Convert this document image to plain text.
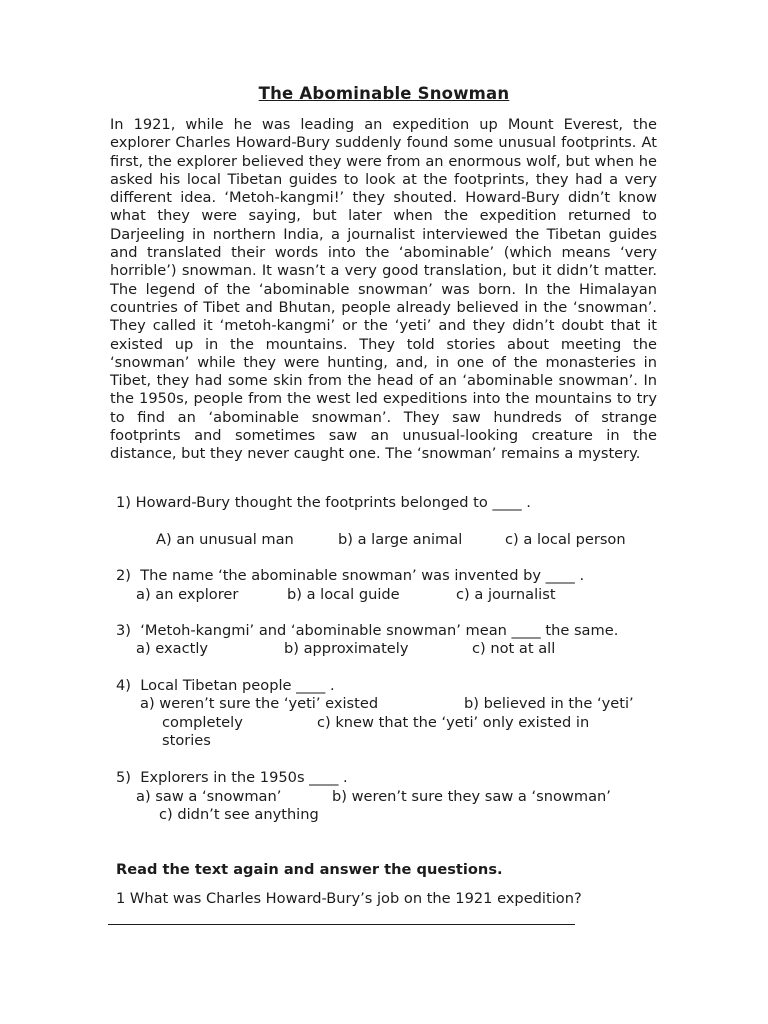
The Abominable Snowman

In 1921, while he was leading an expedition up Mount Everest, the explorer Charles Howard-Bury suddenly found some unusual footprints. At first, the explorer believed they were from an enormous wolf, but when he asked his local Tibetan guides to look at the footprints, they had a very different idea. ‘Metoh-kangmi!’ they shouted. Howard-Bury didn’t know what they were saying, but later when the expedition returned to Darjeeling in northern India, a journalist interviewed the Tibetan guides and translated their words into the ‘abominable’ (which means ‘very horrible’) snowman. It wasn’t a very good translation, but it didn’t matter. The legend of the ‘abominable snowman’ was born. In the Himalayan countries of Tibet and Bhutan, people already believed in the ‘snowman’. They called it ‘metoh-kangmi’ or the ‘yeti’ and they didn’t doubt that it existed up in the mountains. They told stories about meeting the ‘snowman’ while they were hunting, and, in one of the monasteries in Tibet, they had some skin from the head of an ‘abominable snowman’. In the 1950s, people from the west led expeditions into the mountains to try to find an ‘abominable snowman’. They saw hundreds of strange footprints and sometimes saw an unusual-looking creature in the distance, but they never caught one. The ‘snowman’ remains a mystery.

1) Howard-Bury thought the footprints belonged to ____ .
A) an unusual man	b) a large animal	c) a local person
2) The name ‘the abominable snowman’ was invented by ____ .
a) an explorer	b) a local guide	c) a journalist
3) ‘Metoh-kangmi’ and ‘abominable snowman’ mean ____ the same.
a) exactly	b) approximately	c) not at all
4) Local Tibetan people ____ .
a) weren’t sure the ‘yeti’ existed	b) believed in the ‘yeti’
completely	c) knew that the ‘yeti’ only existed in
stories
5) Explorers in the 1950s ____ .
a) saw a ‘snowman’	b) weren’t sure they saw a ‘snowman’
c) didn’t see anything
Read the text again and answer the questions.
1 What was Charles Howard-Bury’s job on the 1921 expedition?
